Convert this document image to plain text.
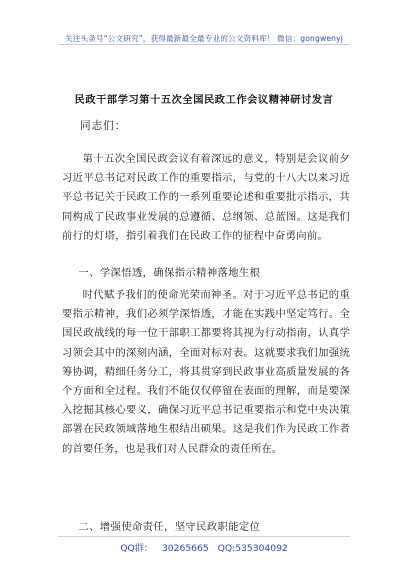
关注头条号“公文研究”，获得最新最全最专业的公文资料库！ 微信：gongwenyj
民政干部学习第十五次全国民政工作会议精神研讨发言
同志们：
第十五次全国民政会议有着深远的意义，特别是会议前夕习近平总书记对民政工作的重要指示，与党的十八大以来习近平总书记关于民政工作的一系列重要论述和重要批示指示，共同构成了民政事业发展的总遵循、总纲领、总蓝图。这是我们前行的灯塔，指引着我们在民政工作的征程中奋勇向前。
一、学深悟透，确保指示精神落地生根
时代赋予我们的使命光荣而神圣。对于习近平总书记的重要指示精神，我们必须学深悟透，才能在实践中坚定笃行。全国民政战线的每一位干部职工都要将其视为行动指南，认真学习领会其中的深刻内涵，全面对标对表。这就要求我们加强统筹协调，精细任务分工，将其贯穿到民政事业高质量发展的各个方面和全过程。我们不能仅仅停留在表面的理解，而是要深入挖掘其核心要义，确保习近平总书记重要指示和党中央决策部署在民政领域落地生根结出硕果。这是我们作为民政工作者的首要任务，也是我们对人民群众的责任所在。
二、增强使命责任，坚守民政职能定位
QQ群： 30265665 QQ:535304092
